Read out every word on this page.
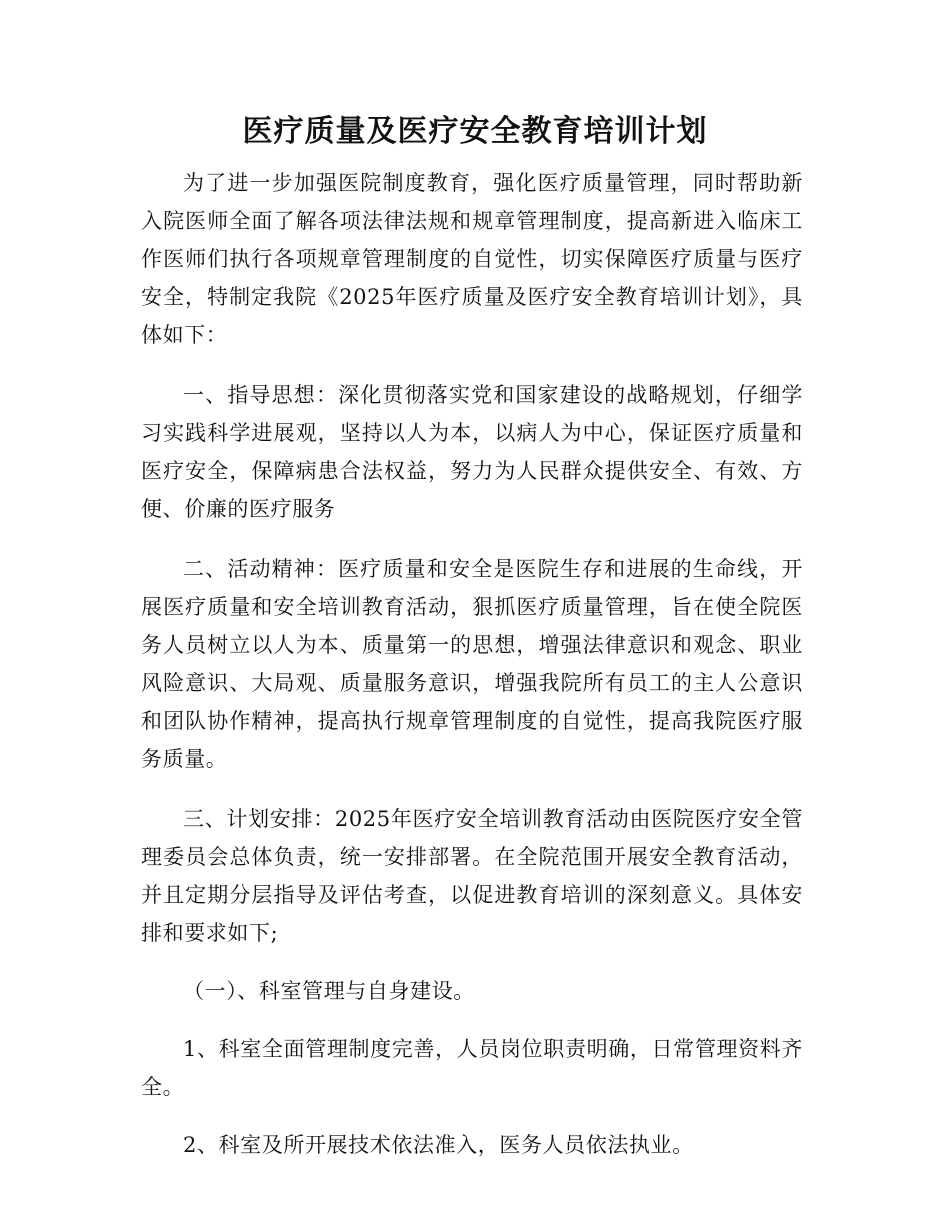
医疗质量及医疗安全教育培训计划

为了进一步加强医院制度教育，强化医疗质量管理，同时帮助新入院医师全面了解各项法律法规和规章管理制度，提高新进入临床工作医师们执行各项规章管理制度的自觉性，切实保障医疗质量与医疗安全，特制定我院《2025年医疗质量及医疗安全教育培训计划》，具体如下：

一、指导思想：深化贯彻落实党和国家建设的战略规划，仔细学习实践科学进展观，坚持以人为本，以病人为中心，保证医疗质量和医疗安全，保障病患合法权益，努力为人民群众提供安全、有效、方便、价廉的医疗服务

二、活动精神：医疗质量和安全是医院生存和进展的生命线，开展医疗质量和安全培训教育活动，狠抓医疗质量管理，旨在使全院医务人员树立以人为本、质量第一的思想，增强法律意识和观念、职业风险意识、大局观、质量服务意识，增强我院所有员工的主人公意识和团队协作精神，提高执行规章管理制度的自觉性，提高我院医疗服务质量。

三、计划安排：2025年医疗安全培训教育活动由医院医疗安全管理委员会总体负责，统一安排部署。在全院范围开展安全教育活动，并且定期分层指导及评估考查，以促进教育培训的深刻意义。具体安排和要求如下;

（一）、科室管理与自身建设。

1、科室全面管理制度完善，人员岗位职责明确，日常管理资料齐全。

2、科室及所开展技术依法准入，医务人员依法执业。
